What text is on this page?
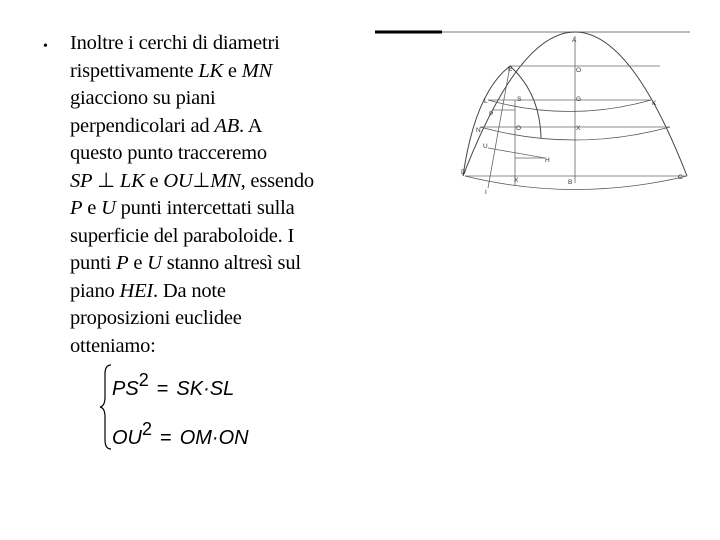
• Inoltre i cerchi di diametri
rispettivamente LK e MN
giacciono su piani
perpendicolari ad AB. A
questo punto tracceremo
SP ⊥ LK e OU⊥MN, essendo
P e U punti intercettati sulla
superficie del paraboloide. I
punti P e U stanno altresì sul
piano HEI. Da note
proposizioni euclidee
otteniamo:
$PS^2 = SK\cdot SL$
$OU^2 = OM\cdot ON$
A
O
E
L	S	G
K
P
N	O	X
U
H
D
X	B
C
I
